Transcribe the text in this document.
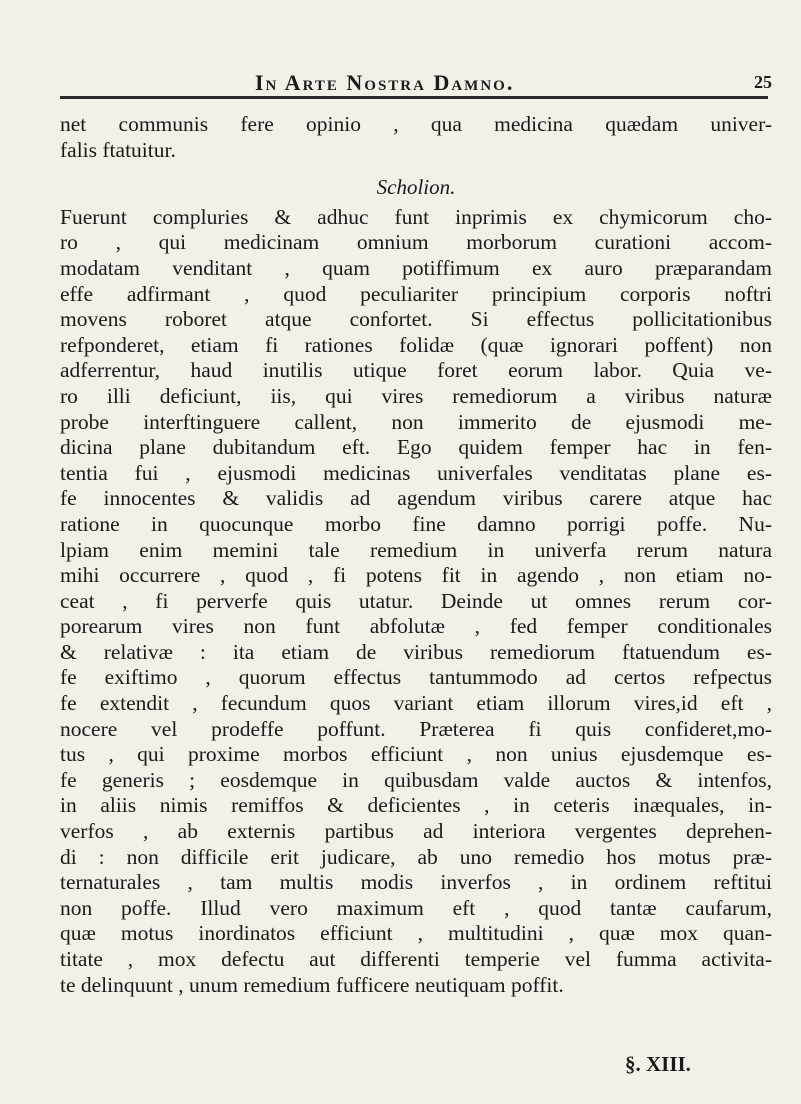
In Arte Nostra Damno.	25
net communis fere opinio , qua medicina quædam univer-
falis ftatuitur.
Scholion.
Fuerunt compluries & adhuc funt inprimis ex chymicorum cho-
ro , qui medicinam omnium morborum curationi accom-
modatam venditant , quam potiffimum ex auro præparandam
effe adfirmant , quod peculiariter principium corporis noftri
movens roboret atque confortet. Si effectus pollicitationibus
refponderet, etiam fi rationes folidæ (quæ ignorari poffent) non
adferrentur, haud inutilis utique foret eorum labor. Quia ve-
ro illi deficiunt, iis, qui vires remediorum a viribus naturæ
probe interftinguere callent, non immerito de ejusmodi me-
dicina plane dubitandum eft. Ego quidem femper hac in fen-
tentia fui , ejusmodi medicinas univerfales venditatas plane es-
fe innocentes & validis ad agendum viribus carere atque hac
ratione in quocunque morbo fine damno porrigi poffe. Nu-
lpiam enim memini tale remedium in univerfa rerum natura
mihi occurrere , quod , fi potens fit in agendo , non etiam no-
ceat , fi perverfe quis utatur. Deinde ut omnes rerum cor-
porearum vires non funt abfolutæ , fed femper conditionales
& relativæ : ita etiam de viribus remediorum ftatuendum es-
fe exiftimo , quorum effectus tantummodo ad certos refpectus
fe extendit , fecundum quos variant etiam illorum vires,id eft ,
nocere vel prodeffe poffunt. Præterea fi quis confideret,mo-
tus , qui proxime morbos efficiunt , non unius ejusdemque es-
fe generis ; eosdemque in quibusdam valde auctos & intenfos,
in aliis nimis remiffos & deficientes , in ceteris inæquales, in-
verfos , ab externis partibus ad interiora vergentes deprehen-
di : non difficile erit judicare, ab uno remedio hos motus præ-
ternaturales , tam multis modis inverfos , in ordinem reftitui
non poffe. Illud vero maximum eft , quod tantæ caufarum,
quæ motus inordinatos efficiunt , multitudini , quæ mox quan-
titate , mox defectu aut differenti temperie vel fumma activita-
te delinquunt , unum remedium fufficere neutiquam poffit.
§. XIII.
